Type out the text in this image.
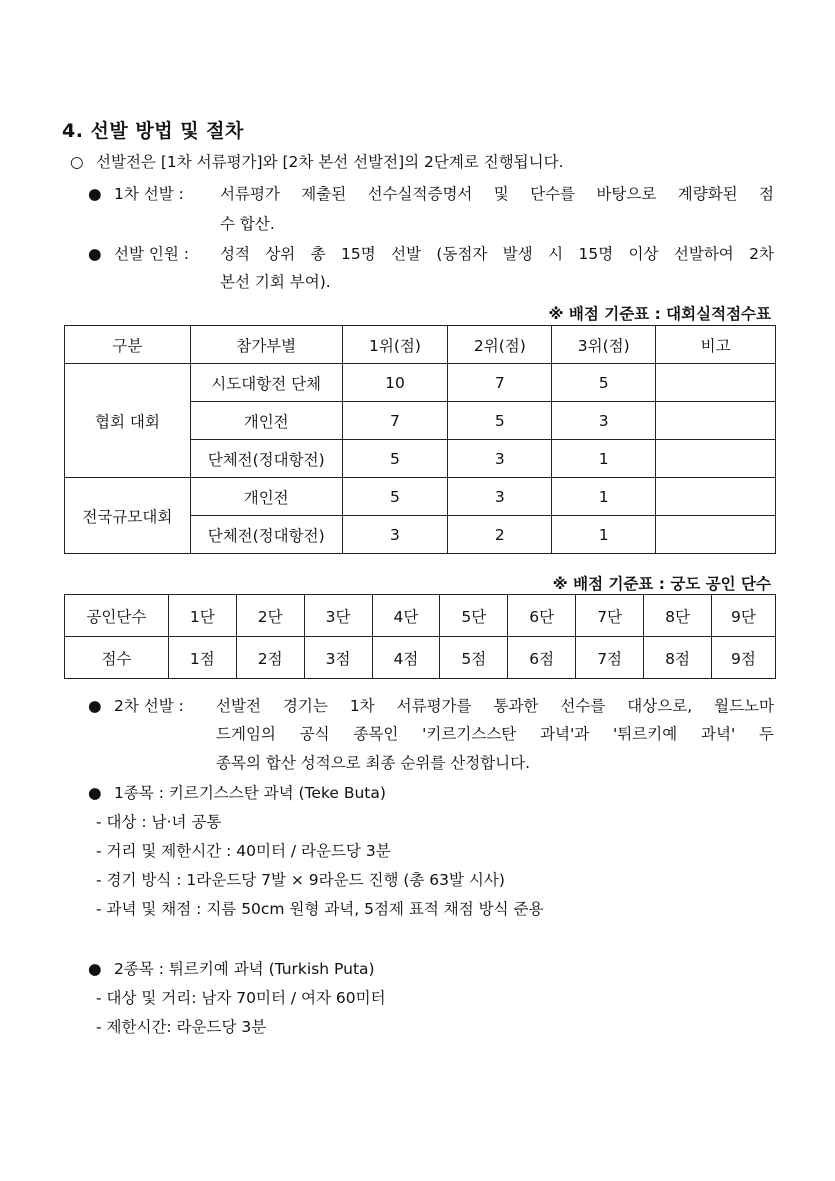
4. 선발 방법 및 절차
○ 선발전은 [1차 서류평가]와 [2차 본선 선발전]의 2단계로 진행됩니다.
● 1차 선발 : 서류평가 제출된 선수실적증명서 및 단수를 바탕으로 계량화된 점
수 합산.
● 선발 인원 : 성적 상위 총 15명 선발 (동점자 발생 시 15명 이상 선발하여 2차
본선 기회 부여).
※ 배점 기준표 : 대회실적점수표
구분	참가부별	1위(점)	2위(점)	3위(점)	비고
협회 대회	시도대항전 단체	10	7	5	
	개인전	7	5	3	
	단체전(정대항전)	5	3	1	
전국규모대회	개인전	5	3	1	
	단체전(정대항전)	3	2	1	
※ 배점 기준표 : 궁도 공인 단수
공인단수	1단	2단	3단	4단	5단	6단	7단	8단	9단
점수	1점	2점	3점	4점	5점	6점	7점	8점	9점
● 2차 선발 : 선발전 경기는 1차 서류평가를 통과한 선수를 대상으로, 월드노마
드게임의 공식 종목인 '키르기스스탄 과녁'과 '튀르키예 과녁' 두
종목의 합산 성적으로 최종 순위를 산정합니다.
● 1종목 : 키르기스스탄 과녁 (Teke Buta)
- 대상 : 남·녀 공통
- 거리 및 제한시간 : 40미터 / 라운드당 3분
- 경기 방식 : 1라운드당 7발 × 9라운드 진행 (총 63발 시사)
- 과녁 및 채점 : 지름 50cm 원형 과녁, 5점제 표적 채점 방식 준용
● 2종목 : 튀르키예 과녁 (Turkish Puta)
- 대상 및 거리: 남자 70미터 / 여자 60미터
- 제한시간: 라운드당 3분
